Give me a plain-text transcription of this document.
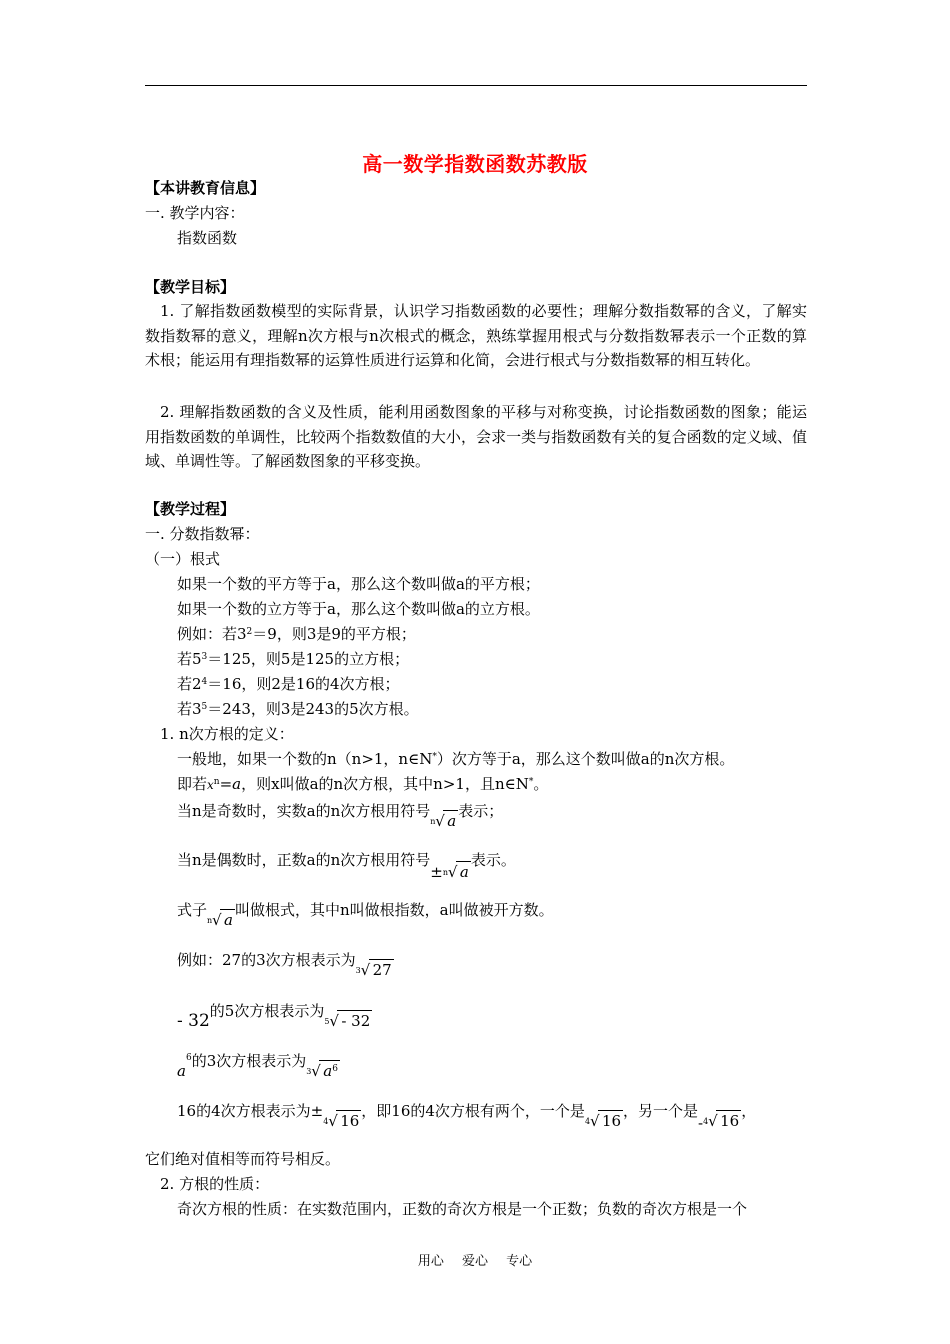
高一数学指数函数苏教版
【本讲教育信息】
一. 教学内容：
指数函数
【教学目标】
1. 了解指数函数模型的实际背景，认识学习指数函数的必要性；理解分数指数幂的含义，了解实数指数幂的意义，理解n次方根与n次根式的概念，熟练掌握用根式与分数指数幂表示一个正数的算术根；能运用有理指数幂的运算性质进行运算和化简，会进行根式与分数指数幂的相互转化。
2. 理解指数函数的含义及性质，能利用函数图象的平移与对称变换，讨论指数函数的图象；能运用指数函数的单调性，比较两个指数数值的大小，会求一类与指数函数有关的复合函数的定义域、值域、单调性等。了解函数图象的平移变换。
【教学过程】
一. 分数指数幂：
（一）根式
如果一个数的平方等于a，那么这个数叫做a的平方根；
如果一个数的立方等于a，那么这个数叫做a的立方根。
例如：若$3^2=9$，则3是9的平方根；
若$5^3=125$，则5是125的立方根；
若$2^4=16$，则2是16的4次方根；
若$3^5=243$，则3是243的5次方根。
1. n次方根的定义：
一般地，如果一个数的n（n>1，n∈N*）次方等于a，那么这个数叫做a的n次方根。
即若$x^n=a$，则x叫做a的n次方根，其中n>1，且n∈N*。
当n是奇数时，实数a的n次方根用符号
n √ a表示；
当n是偶数时，正数a的n次方根用符号± n √ a表示。
式子
n √ a叫做根式，其中n叫做根指数，a叫做被开方数。
例如：27的3次方根表示为
3 √ 27
- 32的5次方根表示为
5 √ - 32
$a^6$的3次方根表示为
3 √ $a^6$
16的4次方根表示为±
4 √ 16，即16的4次方根有两个，一个是
4 √ 16，另一个是- 4 √ 16，
它们绝对值相等而符号相反。
2. 方根的性质：
奇次方根的性质：在实数范围内，正数的奇次方根是一个正数；负数的奇次方根是一个
用心 爱心 专心
